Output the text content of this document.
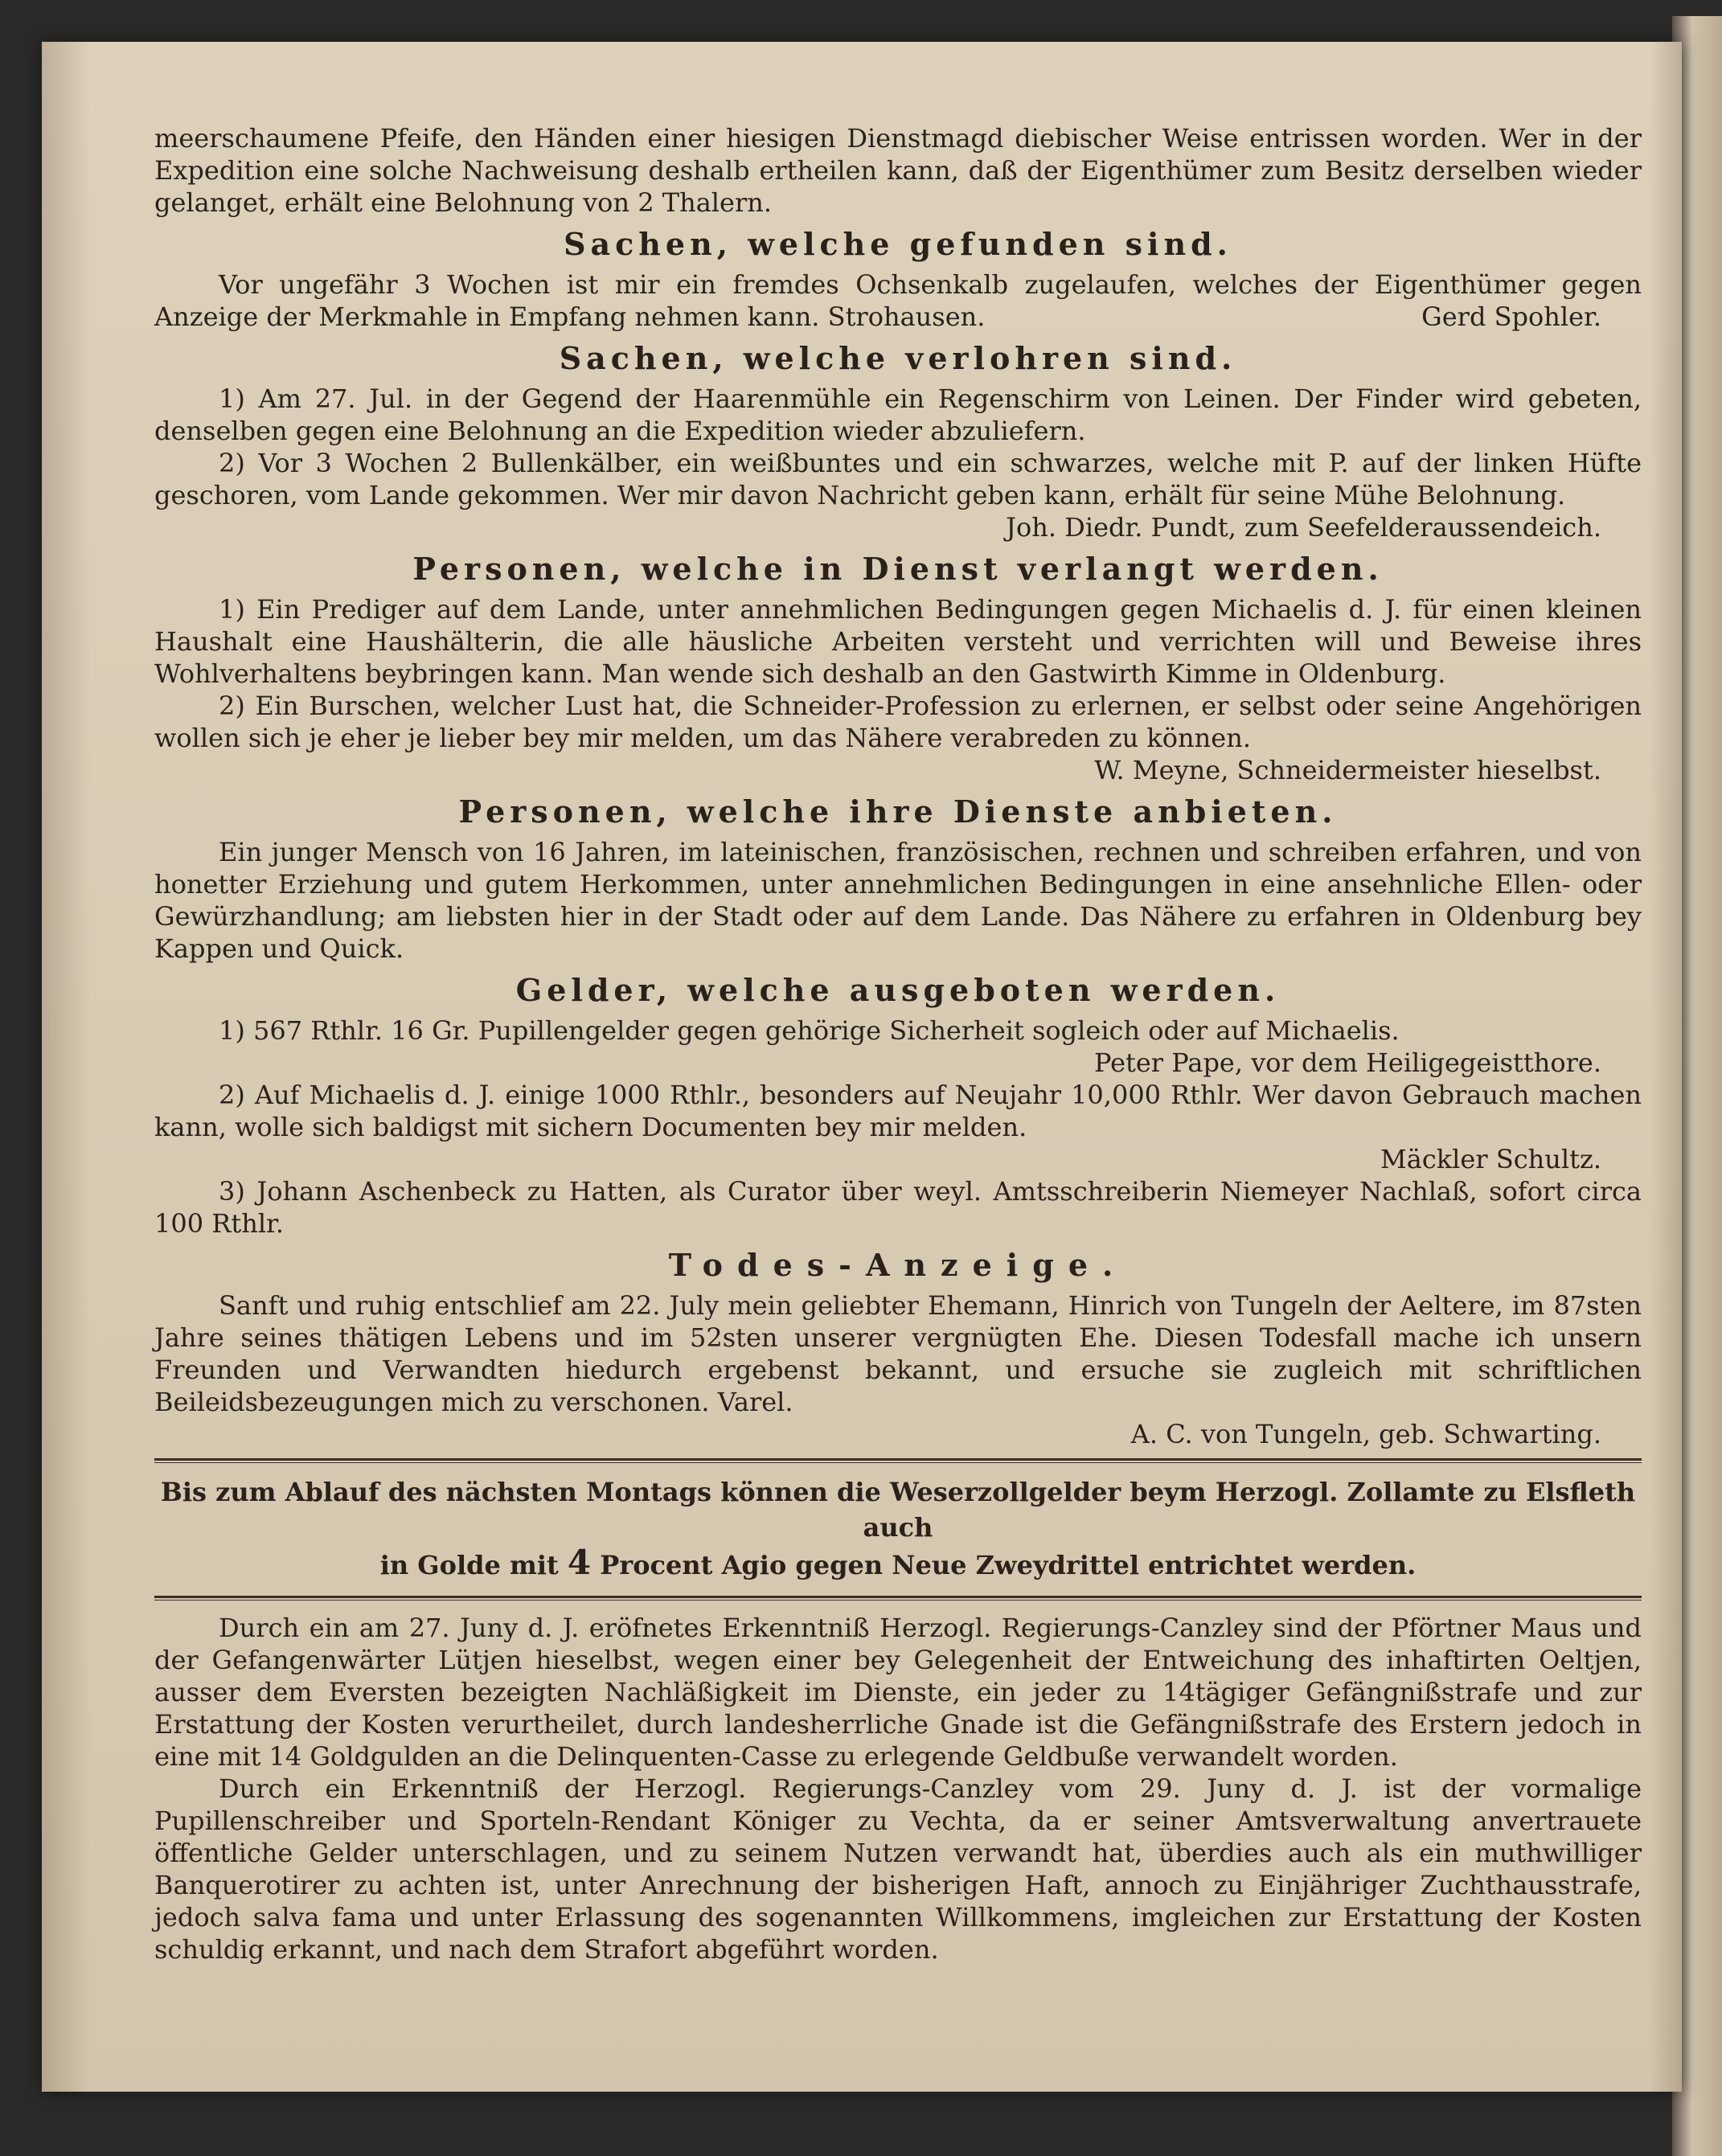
meerschaumene Pfeife, den Händen einer hiesigen Dienstmagd diebischer Weise entrissen worden. Wer in der Expedition eine solche Nachweisung deshalb ertheilen kann, daß der Eigenthümer zum Besitz derselben wieder gelanget, erhält eine Belohnung von 2 Thalern.

Sachen, welche gefunden sind.

Vor ungefähr 3 Wochen ist mir ein fremdes Ochsenkalb zugelaufen, welches der Eigenthümer gegen Anzeige der Merkmahle in Empfang nehmen kann. Strohausen.	Gerd Spohler.

Sachen, welche verlohren sind.

1) Am 27. Jul. in der Gegend der Haarenmühle ein Regenschirm von Leinen. Der Finder wird gebeten, denselben gegen eine Belohnung an die Expedition wieder abzuliefern.

2) Vor 3 Wochen 2 Bullenkälber, ein weißbuntes und ein schwarzes, welche mit P. auf der linken Hüfte geschoren, vom Lande gekommen. Wer mir davon Nachricht geben kann, erhält für seine Mühe Belohnung.

Joh. Diedr. Pundt, zum Seefelderaussendeich.

Personen, welche in Dienst verlangt werden.

1) Ein Prediger auf dem Lande, unter annehmlichen Bedingungen gegen Michaelis d. J. für einen kleinen Haushalt eine Haushälterin, die alle häusliche Arbeiten versteht und verrichten will und Beweise ihres Wohlverhaltens beybringen kann. Man wende sich deshalb an den Gastwirth Kimme in Oldenburg.

2) Ein Burschen, welcher Lust hat, die Schneider-Profession zu erlernen, er selbst oder seine Angehörigen wollen sich je eher je lieber bey mir melden, um das Nähere verabreden zu können.

W. Meyne, Schneidermeister hieselbst.

Personen, welche ihre Dienste anbieten.

Ein junger Mensch von 16 Jahren, im lateinischen, französischen, rechnen und schreiben erfahren, und von honetter Erziehung und gutem Herkommen, unter annehmlichen Bedingungen in eine ansehnliche Ellen- oder Gewürzhandlung; am liebsten hier in der Stadt oder auf dem Lande. Das Nähere zu erfahren in Oldenburg bey Kappen und Quick.

Gelder, welche ausgeboten werden.

1) 567 Rthlr. 16 Gr. Pupillengelder gegen gehörige Sicherheit sogleich oder auf Michaelis.

Peter Pape, vor dem Heiligegeistthore.

2) Auf Michaelis d. J. einige 1000 Rthlr., besonders auf Neujahr 10,000 Rthlr. Wer davon Gebrauch machen kann, wolle sich baldigst mit sichern Documenten bey mir melden.

Mäckler Schultz.

3) Johann Aschenbeck zu Hatten, als Curator über weyl. Amtsschreiberin Niemeyer Nachlaß, sofort circa 100 Rthlr.

Todes-Anzeige.

Sanft und ruhig entschlief am 22. July mein geliebter Ehemann, Hinrich von Tungeln der Aeltere, im 87sten Jahre seines thätigen Lebens und im 52sten unserer vergnügten Ehe. Diesen Todesfall mache ich unsern Freunden und Verwandten hiedurch ergebenst bekannt, und ersuche sie zugleich mit schriftlichen Beileidsbezeugungen mich zu verschonen. Varel.

A. C. von Tungeln, geb. Schwarting.

Bis zum Ablauf des nächsten Montags können die Weserzollgelder beym Herzogl. Zollamte zu Elsfleth auch

in Golde mit 4 Procent Agio gegen Neue Zweydrittel entrichtet werden.

Durch ein am 27. Juny d. J. eröfnetes Erkenntniß Herzogl. Regierungs-Canzley sind der Pförtner Maus und der Gefangenwärter Lütjen hieselbst, wegen einer bey Gelegenheit der Entweichung des inhaftirten Oeltjen, ausser dem Eversten bezeigten Nachläßigkeit im Dienste, ein jeder zu 14tägiger Gefängnißstrafe und zur Erstattung der Kosten verurtheilet, durch landesherrliche Gnade ist die Gefängnißstrafe des Erstern jedoch in eine mit 14 Goldgulden an die Delinquenten-Casse zu erlegende Geldbuße verwandelt worden.

Durch ein Erkenntniß der Herzogl. Regierungs-Canzley vom 29. Juny d. J. ist der vormalige Pupillenschreiber und Sporteln-Rendant Königer zu Vechta, da er seiner Amtsverwaltung anvertrauete öffentliche Gelder unterschlagen, und zu seinem Nutzen verwandt hat, überdies auch als ein muthwilliger Banquerotirer zu achten ist, unter Anrechnung der bisherigen Haft, annoch zu Einjähriger Zuchthausstrafe, jedoch salva fama und unter Erlassung des sogenannten Willkommens, imgleichen zur Erstattung der Kosten schuldig erkannt, und nach dem Strafort abgeführt worden.
